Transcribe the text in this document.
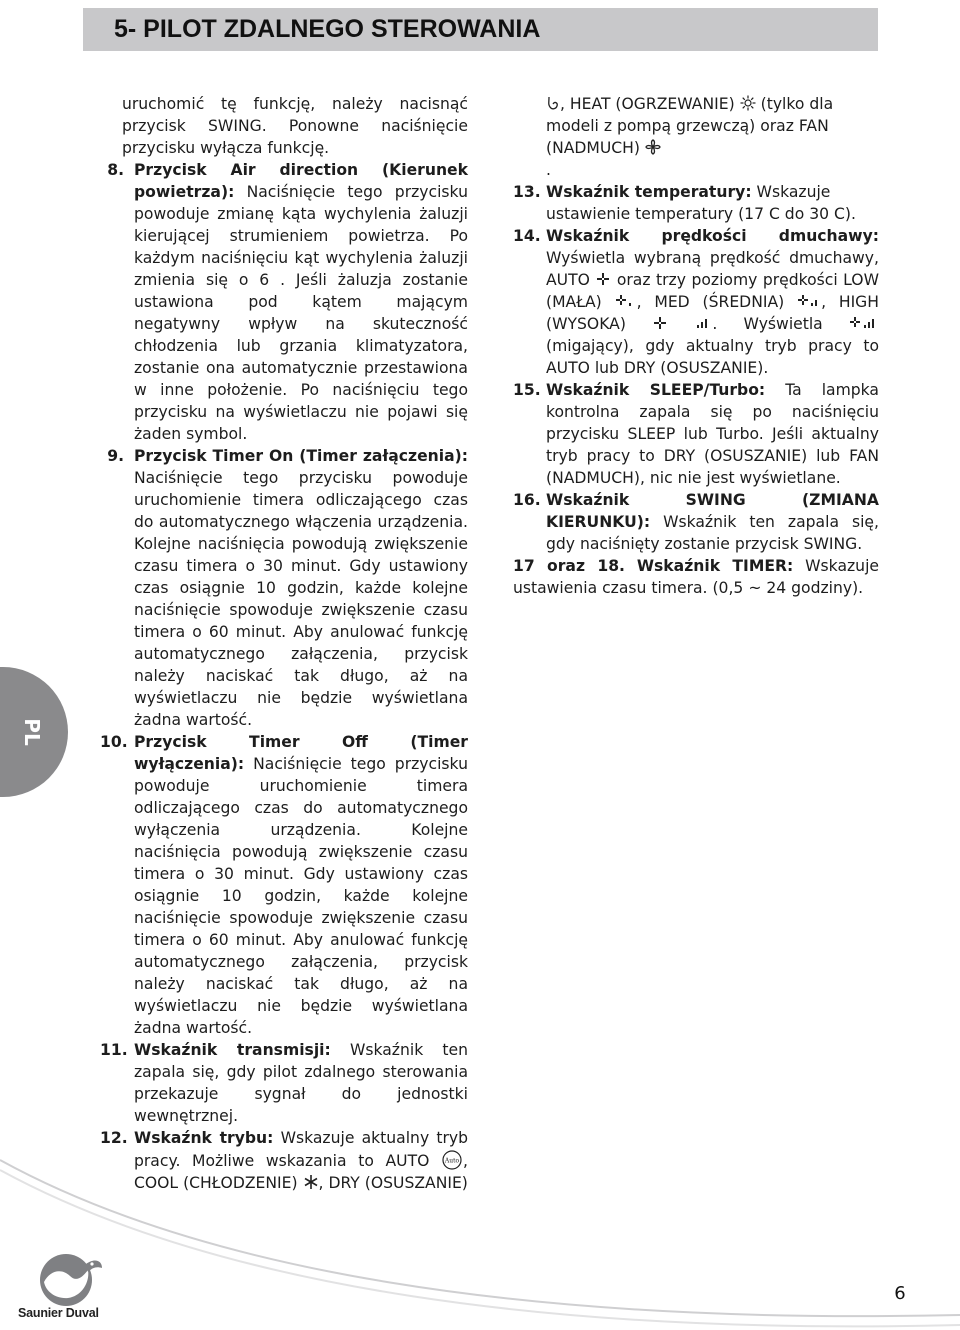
5- PILOT ZDALNEGO STEROWANIA
PL

uruchomić tę funkcję, należy nacisnąć przycisk SWING. Ponowne naciśnięcie przycisku wyłącza funkcję.

8. Przycisk Air direction (Kierunek powietrza): Naciśnięcie tego przycisku powoduje zmianę kąta wychylenia żaluzji kierującej strumieniem powietrza. Po każdym naciśnięciu kąt wychylenia żaluzji zmienia się o 6 . Jeśli żaluzja zostanie ustawiona pod kątem mającym negatywny wpływ na skuteczność chłodzenia lub grzania klimatyzatora, zostanie ona automatycznie przestawiona w inne położenie. Po naciśnięciu tego przycisku na wyświetlaczu nie pojawi się żaden symbol.
9. Przycisk Timer On (Timer załączenia): Naciśnięcie tego przycisku powoduje uruchomienie timera odliczającego czas do automatycznego włączenia urządzenia. Kolejne naciśnięcia powodują zwiększenie czasu timera o 30 minut. Gdy ustawiony czas osiągnie 10 godzin, każde kolejne naciśnięcie spowoduje zwiększenie czasu timera o 60 minut. Aby anulować funkcję automatycznego załączenia, przycisk należy naciskać tak długo, aż na wyświetlaczu nie będzie wyświetlana żadna wartość.
10. Przycisk Timer Off (Timer wyłączenia): Naciśnięcie tego przycisku powoduje uruchomienie timera odliczającego czas do automatycznego wyłączenia urządzenia. Kolejne naciśnięcia powodują zwiększenie czasu timera o 30 minut. Gdy ustawiony czas osiągnie 10 godzin, każde kolejne naciśnięcie spowoduje zwiększenie czasu timera o 60 minut. Aby anulować funkcję automatycznego załączenia, przycisk należy naciskać tak długo, aż na wyświetlaczu nie będzie wyświetlana żadna wartość.
11. Wskaźnik transmisji: Wskaźnik ten zapala się, gdy pilot zdalnego sterowania przekazuje sygnał do jednostki wewnętrznej.
12. Wskaźnk trybu: Wskazuje aktualny tryb pracy. Możliwe wskazania to AUTO	Auto , COOL (CHŁODZENIE) , DRY (OSUSZANIE)
, HEAT (OGRZEWANIE) (tylko dla modeli z pompą grzewczą) oraz FAN (NADMUCH)
.
13. Wskaźnik temperatury: Wskazuje ustawienie temperatury (17 C do 30 C).
14. Wskaźnik prędkości dmuchawy: Wyświetla wybraną prędkość dmuchawy, AUTO oraz trzy poziomy prędkości LOW (MAŁA) , MED (ŚREDNIA) , HIGH (WYSOKA)	. Wyświetla  (migający), gdy aktualny tryb pracy to AUTO lub DRY (OSUSZANIE).
15. Wskaźnik SLEEP/Turbo: Ta lampka kontrolna zapala się po naciśnięciu przycisku SLEEP lub Turbo. Jeśli aktualny tryb pracy to DRY (OSUSZANIE) lub FAN (NADMUCH), nic nie jest wyświetlane.
16. Wskaźnik SWING (ZMIANA KIERUNKU): Wskaźnik ten zapala się, gdy naciśnięty zostanie przycisk SWING.
17 oraz 18. Wskaźnik TIMER: Wskazuje ustawienia czasu timera. (0,5 ~ 24 godziny).
Saunier Duval
6
